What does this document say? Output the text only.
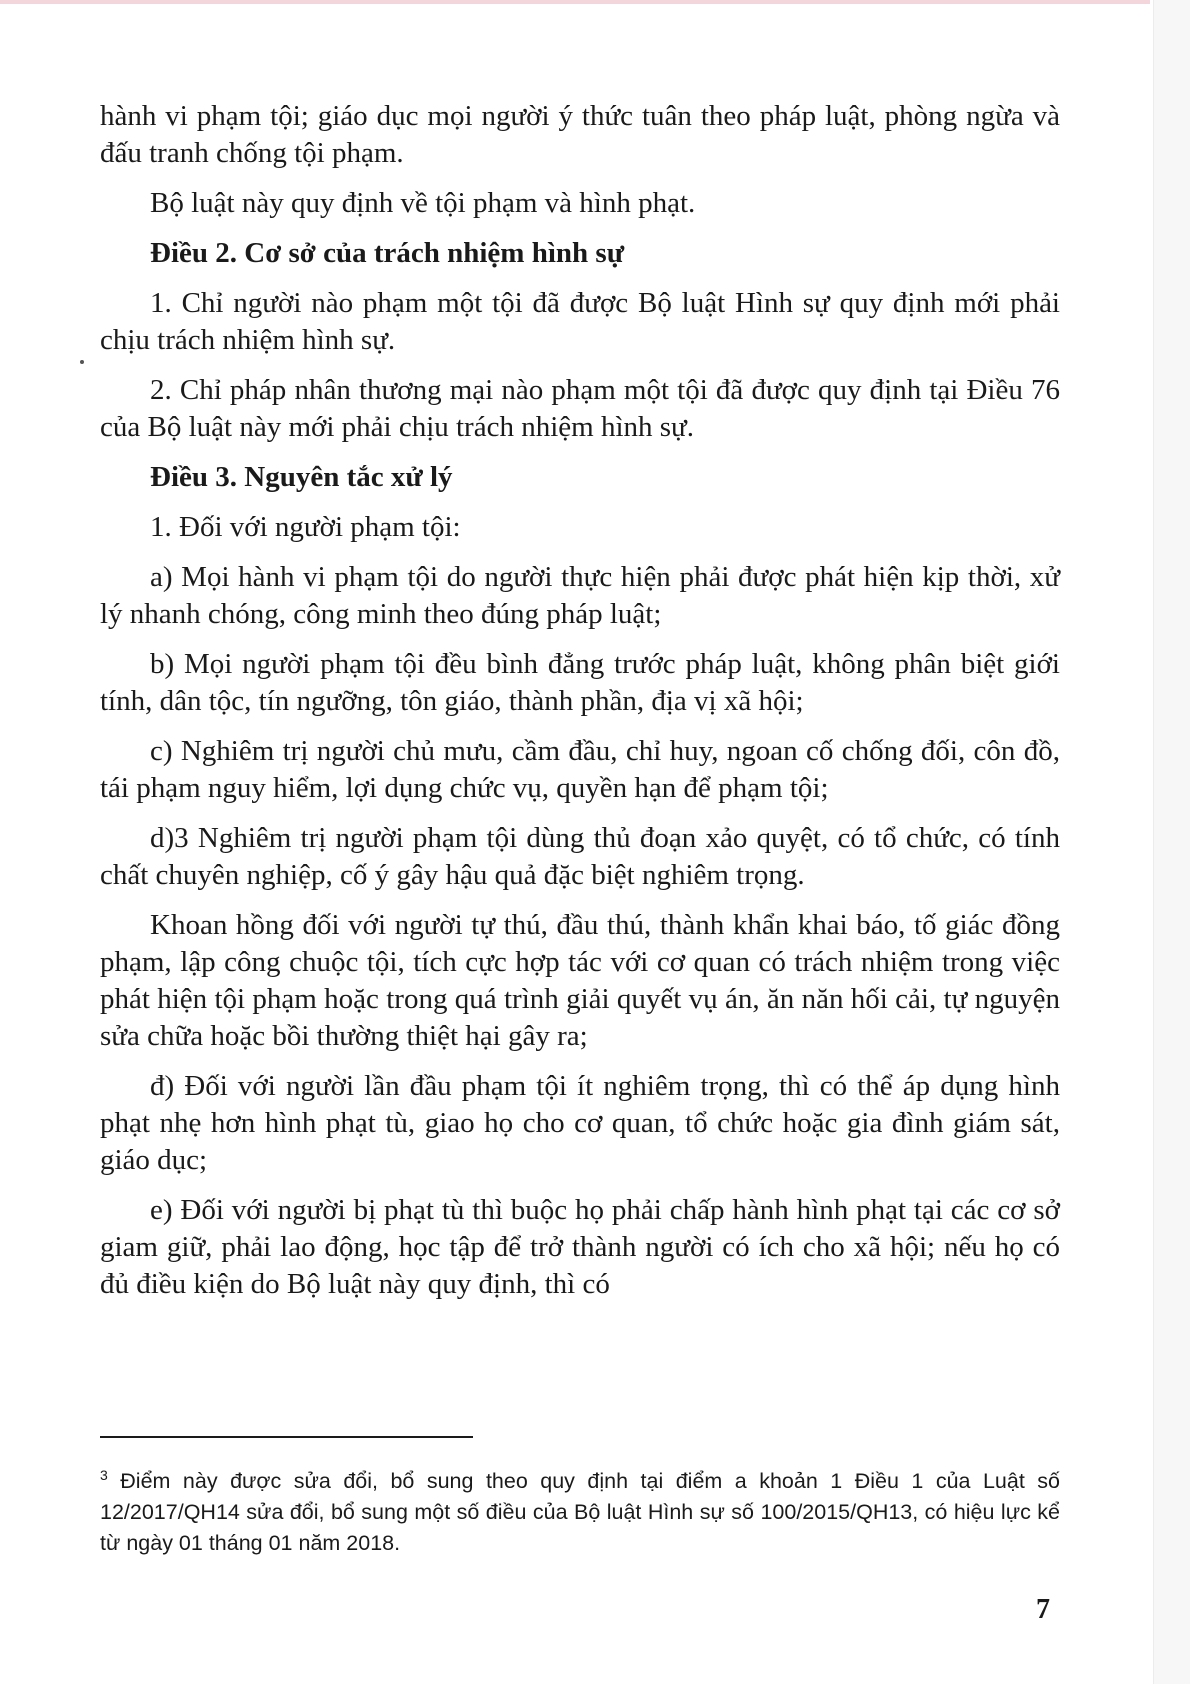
hành vi phạm tội; giáo dục mọi người ý thức tuân theo pháp luật, phòng ngừa và đấu tranh chống tội phạm.

Bộ luật này quy định về tội phạm và hình phạt.

Điều 2. Cơ sở của trách nhiệm hình sự

1. Chỉ người nào phạm một tội đã được Bộ luật Hình sự quy định mới phải chịu trách nhiệm hình sự.

2. Chỉ pháp nhân thương mại nào phạm một tội đã được quy định tại Điều 76 của Bộ luật này mới phải chịu trách nhiệm hình sự.

Điều 3. Nguyên tắc xử lý

1. Đối với người phạm tội:

a) Mọi hành vi phạm tội do người thực hiện phải được phát hiện kịp thời, xử lý nhanh chóng, công minh theo đúng pháp luật;

b) Mọi người phạm tội đều bình đẳng trước pháp luật, không phân biệt giới tính, dân tộc, tín ngưỡng, tôn giáo, thành phần, địa vị xã hội;

c) Nghiêm trị người chủ mưu, cầm đầu, chỉ huy, ngoan cố chống đối, côn đồ, tái phạm nguy hiểm, lợi dụng chức vụ, quyền hạn để phạm tội;

d)3 Nghiêm trị người phạm tội dùng thủ đoạn xảo quyệt, có tổ chức, có tính chất chuyên nghiệp, cố ý gây hậu quả đặc biệt nghiêm trọng.

Khoan hồng đối với người tự thú, đầu thú, thành khẩn khai báo, tố giác đồng phạm, lập công chuộc tội, tích cực hợp tác với cơ quan có trách nhiệm trong việc phát hiện tội phạm hoặc trong quá trình giải quyết vụ án, ăn năn hối cải, tự nguyện sửa chữa hoặc bồi thường thiệt hại gây ra;

đ) Đối với người lần đầu phạm tội ít nghiêm trọng, thì có thể áp dụng hình phạt nhẹ hơn hình phạt tù, giao họ cho cơ quan, tổ chức hoặc gia đình giám sát, giáo dục;

e) Đối với người bị phạt tù thì buộc họ phải chấp hành hình phạt tại các cơ sở giam giữ, phải lao động, học tập để trở thành người có ích cho xã hội; nếu họ có đủ điều kiện do Bộ luật này quy định, thì có

$^3$ Điểm này được sửa đổi, bổ sung theo quy định tại điểm a khoản 1 Điều 1 của Luật số 12/2017/QH14 sửa đổi, bổ sung một số điều của Bộ luật Hình sự số 100/2015/QH13, có hiệu lực kể từ ngày 01 tháng 01 năm 2018.
7
